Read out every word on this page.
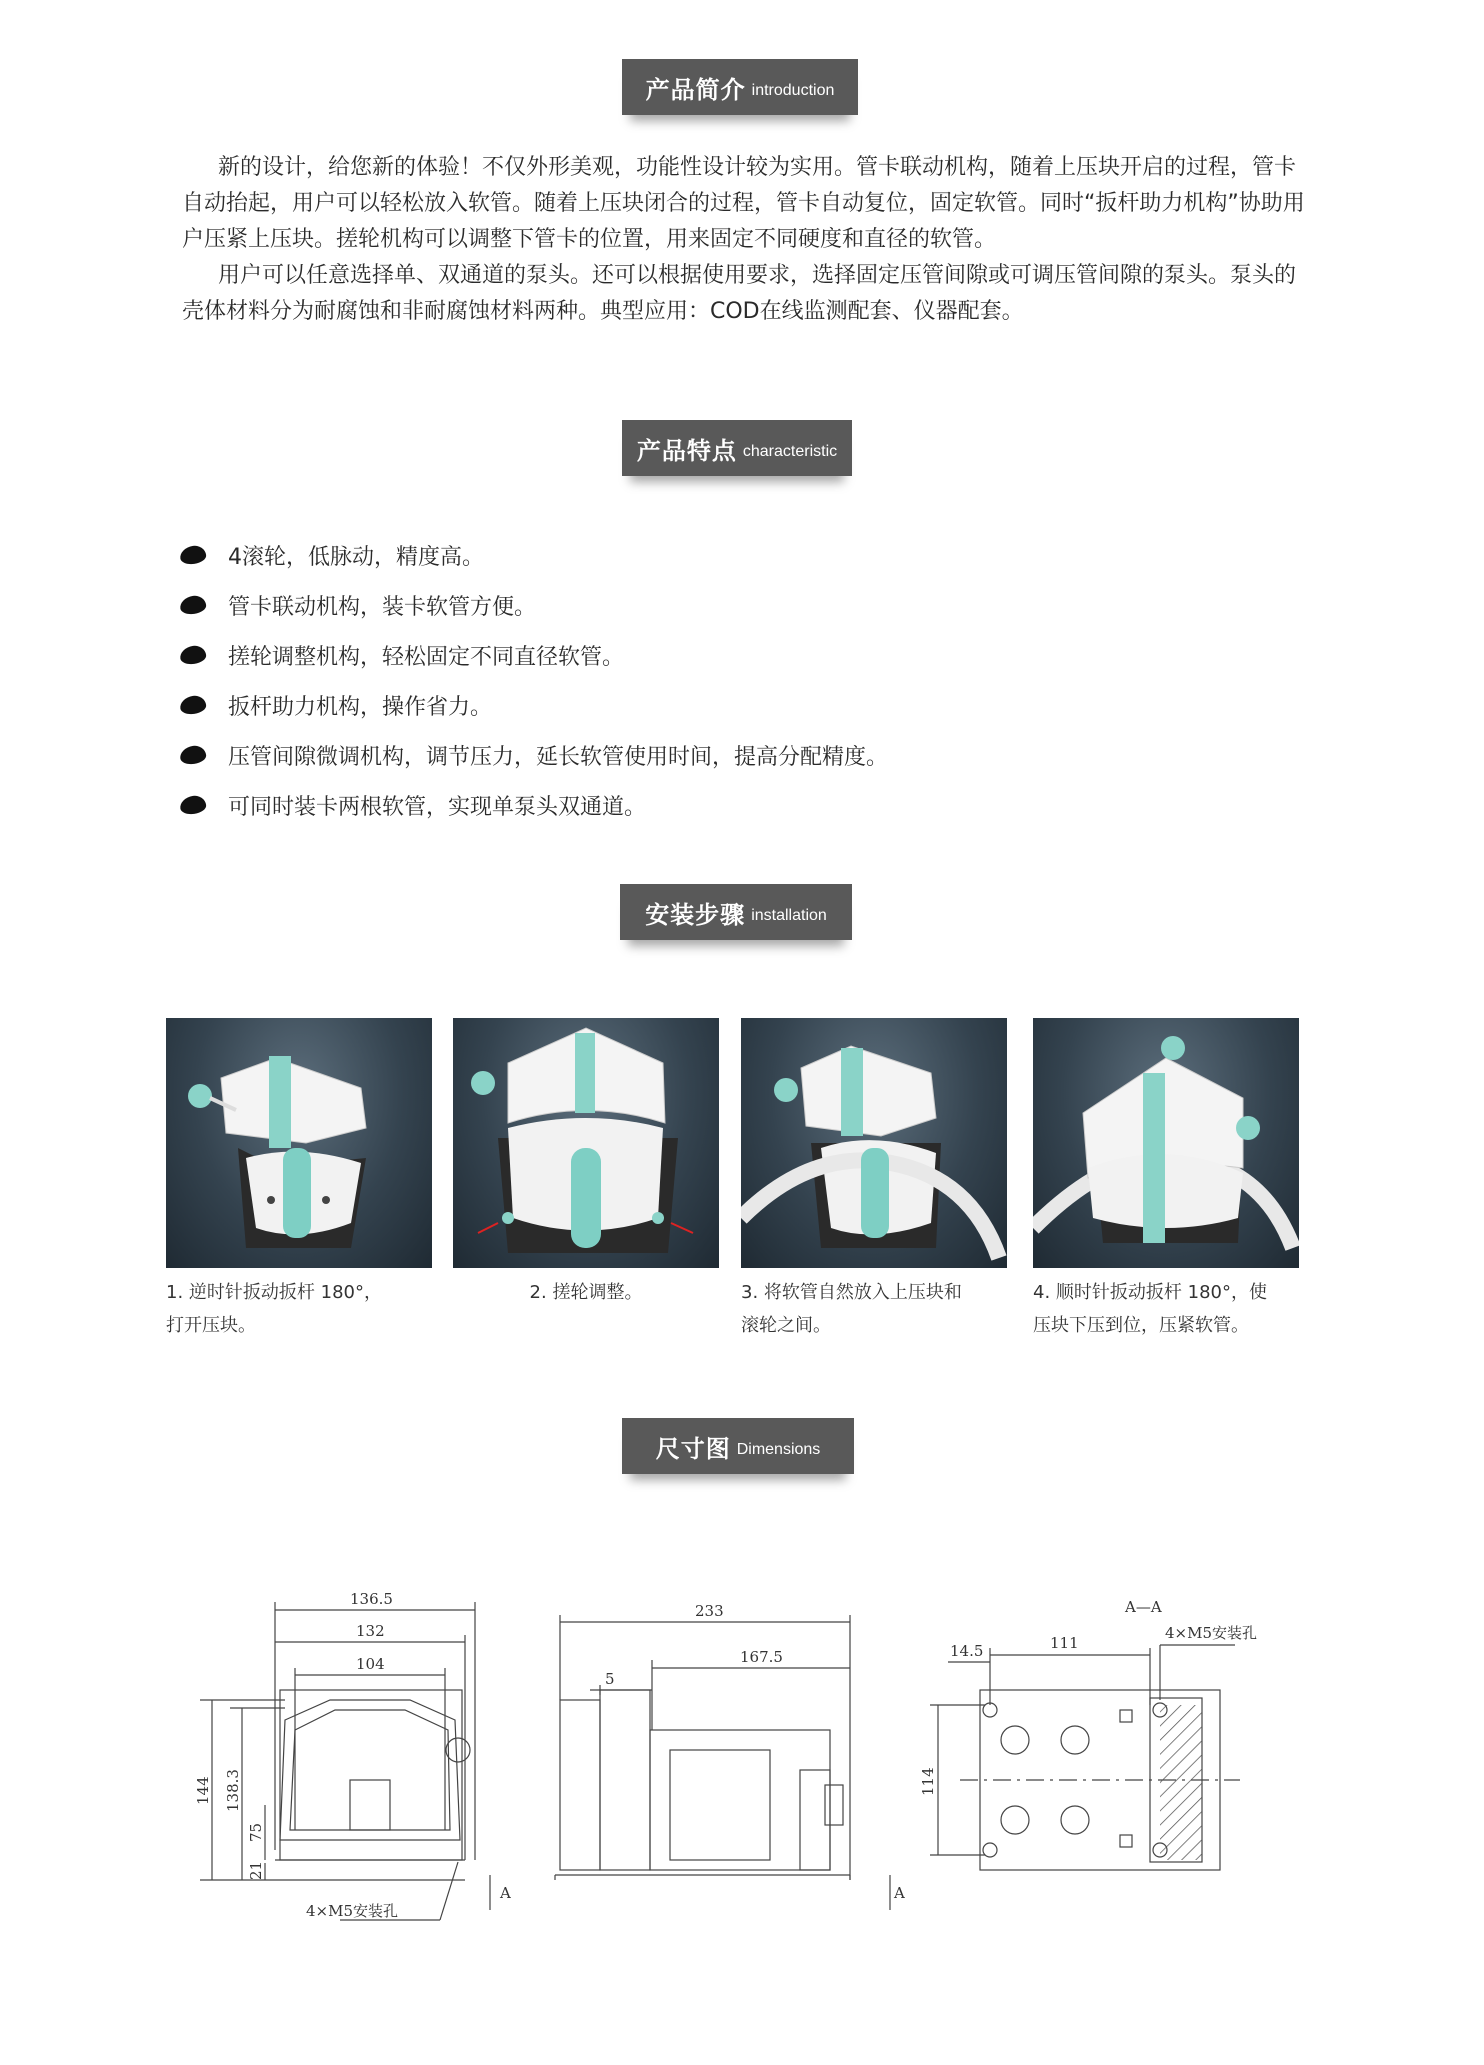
产品简介 introduction

新的设计，给您新的体验！不仅外形美观，功能性设计较为实用。管卡联动机构，随着上压块开启的过程，管卡自动抬起，用户可以轻松放入软管。随着上压块闭合的过程，管卡自动复位，固定软管。同时“扳杆助力机构”协助用户压紧上压块。搓轮机构可以调整下管卡的位置，用来固定不同硬度和直径的软管。

用户可以任意选择单、双通道的泵头。还可以根据使用要求，选择固定压管间隙或可调压管间隙的泵头。泵头的壳体材料分为耐腐蚀和非耐腐蚀材料两种。典型应用：COD在线监测配套、仪器配套。

产品特点 characteristic
4滚轮，低脉动，精度高。
管卡联动机构，装卡软管方便。
搓轮调整机构，轻松固定不同直径软管。
扳杆助力机构，操作省力。
压管间隙微调机构，调节压力，延长软管使用时间，提高分配精度。
可同时装卡两根软管，实现单泵头双通道。
安装步骤 installation
1. 逆时针扳动扳杆 180°，
打开压块。
2. 搓轮调整。	3. 将软管自然放入上压块和
滚轮之间。
4. 顺时针扳动扳杆 180°，使
压块下压到位，压紧软管。
尺寸图 Dimensions
136.5
132
104
144 138.3
75
21
4×M5安装孔
233
167.5
5
A	A
A—A
111
14.5
114
4×M5安装孔
